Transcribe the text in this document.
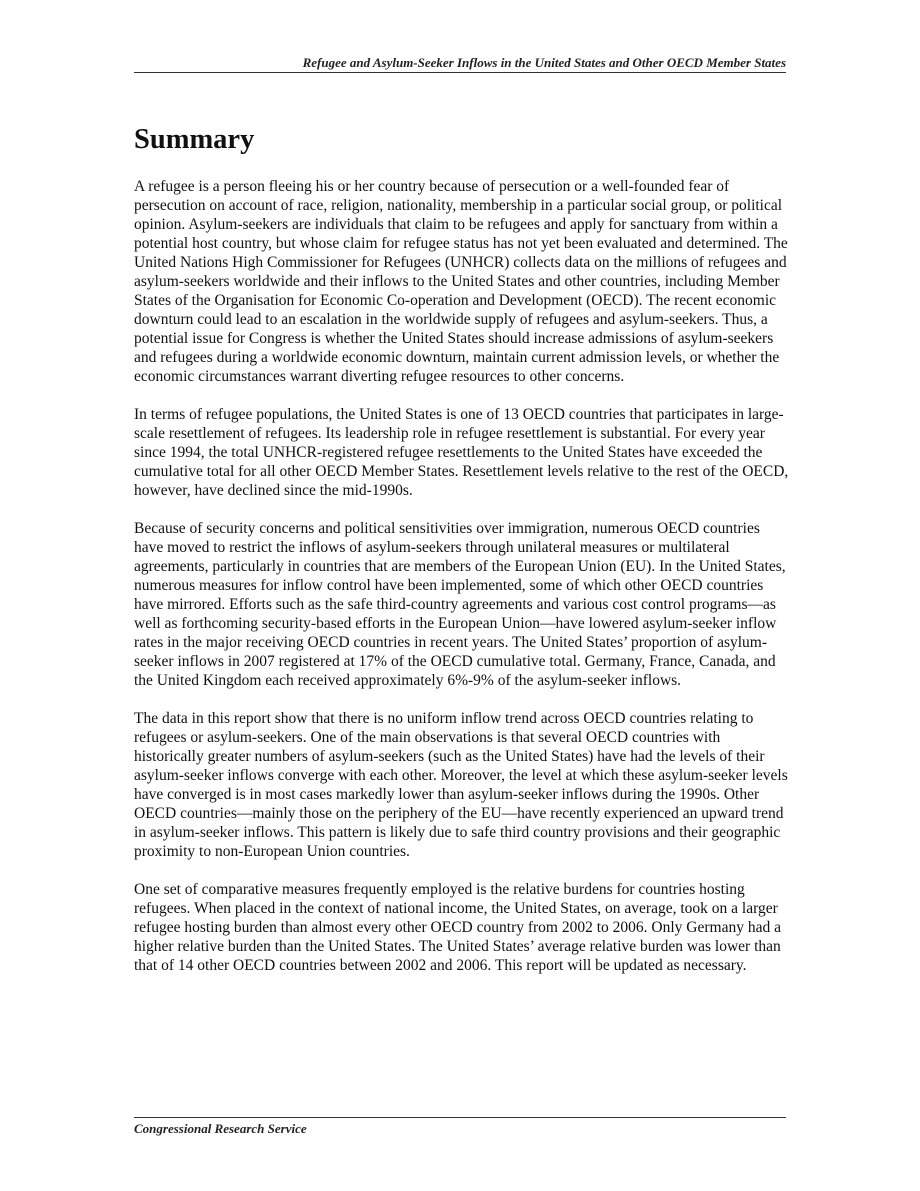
Refugee and Asylum-Seeker Inflows in the United States and Other OECD Member States
Summary

A refugee is a person fleeing his or her country because of persecution or a well-founded fear of persecution on account of race, religion, nationality, membership in a particular social group, or political opinion. Asylum-seekers are individuals that claim to be refugees and apply for sanctuary from within a potential host country, but whose claim for refugee status has not yet been evaluated and determined. The United Nations High Commissioner for Refugees (UNHCR) collects data on the millions of refugees and asylum-seekers worldwide and their inflows to the United States and other countries, including Member States of the Organisation for Economic Co-operation and Development (OECD). The recent economic downturn could lead to an escalation in the worldwide supply of refugees and asylum-seekers. Thus, a potential issue for Congress is whether the United States should increase admissions of asylum-seekers and refugees during a worldwide economic downturn, maintain current admission levels, or whether the economic circumstances warrant diverting refugee resources to other concerns.

In terms of refugee populations, the United States is one of 13 OECD countries that participates in large-scale resettlement of refugees. Its leadership role in refugee resettlement is substantial. For every year since 1994, the total UNHCR-registered refugee resettlements to the United States have exceeded the cumulative total for all other OECD Member States. Resettlement levels relative to the rest of the OECD, however, have declined since the mid-1990s.

Because of security concerns and political sensitivities over immigration, numerous OECD countries have moved to restrict the inflows of asylum-seekers through unilateral measures or multilateral agreements, particularly in countries that are members of the European Union (EU). In the United States, numerous measures for inflow control have been implemented, some of which other OECD countries have mirrored. Efforts such as the safe third-country agreements and various cost control programs—as well as forthcoming security-based efforts in the European Union—have lowered asylum-seeker inflow rates in the major receiving OECD countries in recent years. The United States’ proportion of asylum-seeker inflows in 2007 registered at 17% of the OECD cumulative total. Germany, France, Canada, and the United Kingdom each received approximately 6%-9% of the asylum-seeker inflows.

The data in this report show that there is no uniform inflow trend across OECD countries relating to refugees or asylum-seekers. One of the main observations is that several OECD countries with historically greater numbers of asylum-seekers (such as the United States) have had the levels of their asylum-seeker inflows converge with each other. Moreover, the level at which these asylum-seeker levels have converged is in most cases markedly lower than asylum-seeker inflows during the 1990s. Other OECD countries—mainly those on the periphery of the EU—have recently experienced an upward trend in asylum-seeker inflows. This pattern is likely due to safe third country provisions and their geographic proximity to non-European Union countries.

One set of comparative measures frequently employed is the relative burdens for countries hosting refugees. When placed in the context of national income, the United States, on average, took on a larger refugee hosting burden than almost every other OECD country from 2002 to 2006. Only Germany had a higher relative burden than the United States. The United States’ average relative burden was lower than that of 14 other OECD countries between 2002 and 2006. This report will be updated as necessary.

Congressional Research Service
